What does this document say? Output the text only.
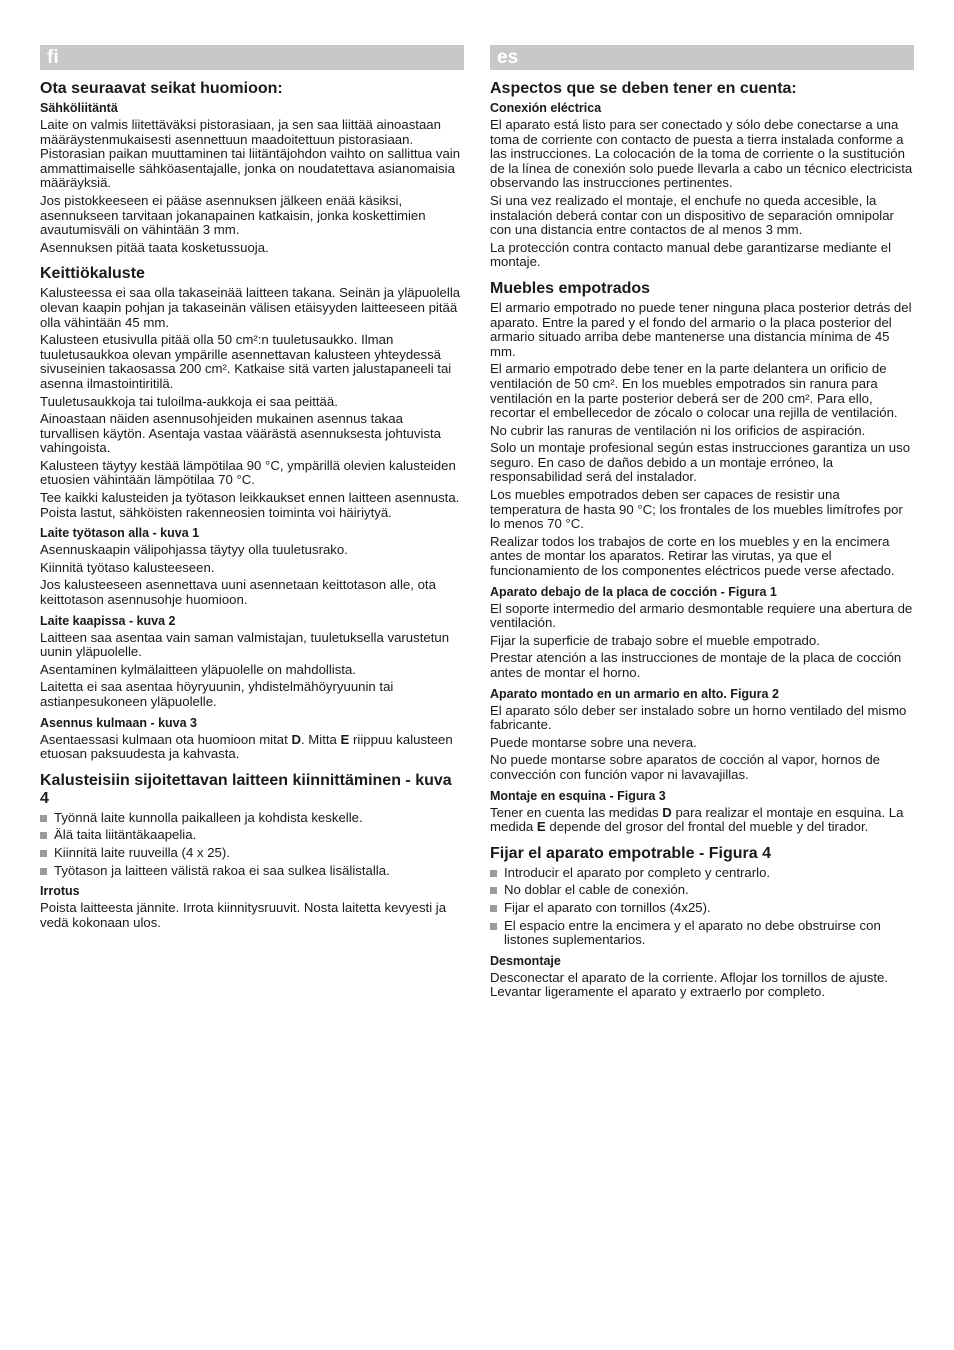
fi
Ota seuraavat seikat huomioon:
Sähköliitäntä

Laite on valmis liitettäväksi pistorasiaan, ja sen saa liittää ainoastaan määräystenmukaisesti asennettuun maadoitettuun pistorasiaan. Pistorasian paikan muuttaminen tai liitäntäjohdon vaihto on sallittua vain ammattimaiselle sähköasentajalle, jonka on noudatettava asianomaisia määräyksiä.

Jos pistokkeeseen ei pääse asennuksen jälkeen enää käsiksi, asennukseen tarvitaan jokanapainen katkaisin, jonka koskettimien avautumisväli on vähintään 3 mm.

Asennuksen pitää taata kosketussuoja.

Keittiökaluste

Kalusteessa ei saa olla takaseinää laitteen takana. Seinän ja yläpuolella olevan kaapin pohjan ja takaseinän välisen etäisyyden laitteeseen pitää olla vähintään 45 mm.

Kalusteen etusivulla pitää olla 50 cm²:n tuuletusaukko. Ilman tuuletusaukkoa olevan ympärille asennettavan kalusteen yhteydessä sivuseinien takaosassa 200 cm². Katkaise sitä varten jalustapaneeli tai asenna ilmastointiritilä.

Tuuletusaukkoja tai tuloilma-aukkoja ei saa peittää.

Ainoastaan näiden asennusohjeiden mukainen asennus takaa turvallisen käytön. Asentaja vastaa väärästä asennuksesta johtuvista vahingoista.

Kalusteen täytyy kestää lämpötilaa 90 °C, ympärillä olevien kalusteiden etuosien vähintään lämpötilaa 70 °C.

Tee kaikki kalusteiden ja työtason leikkaukset ennen laitteen asennusta. Poista lastut, sähköisten rakenneosien toiminta voi häiriytyä.

Laite työtason alla - kuva 1

Asennuskaapin välipohjassa täytyy olla tuuletusrako.

Kiinnitä työtaso kalusteeseen.

Jos kalusteeseen asennettava uuni asennetaan keittotason alle, ota keittotason asennusohje huomioon.

Laite kaapissa - kuva 2

Laitteen saa asentaa vain saman valmistajan, tuuletuksella varustetun uunin yläpuolelle.

Asentaminen kylmälaitteen yläpuolelle on mahdollista.

Laitetta ei saa asentaa höyryuunin, yhdistelmähöyryuunin tai astianpesukoneen yläpuolelle.

Asennus kulmaan - kuva 3

Asentaessasi kulmaan ota huomioon mitat D. Mitta E riippuu kalusteen etuosan paksuudesta ja kahvasta.

Kalusteisiin sijoitettavan laitteen kiinnittäminen - kuva 4
Työnnä laite kunnolla paikalleen ja kohdista keskelle.
Älä taita liitäntäkaapelia.
Kiinnitä laite ruuveilla (4 x 25).
Työtason ja laitteen välistä rakoa ei saa sulkea lisälistalla.
Irrotus

Poista laitteesta jännite. Irrota kiinnitysruuvit. Nosta laitetta kevyesti ja vedä kokonaan ulos.

es
Aspectos que se deben tener en cuenta:
Conexión eléctrica

El aparato está listo para ser conectado y sólo debe conectarse a una toma de corriente con contacto de puesta a tierra instalada conforme a las instrucciones. La colocación de la toma de corriente o la sustitución de la línea de conexión solo puede llevarla a cabo un técnico electricista observando las instrucciones pertinentes.

Si una vez realizado el montaje, el enchufe no queda accesible, la instalación deberá contar con un dispositivo de separación omnipolar con una distancia entre contactos de al menos 3 mm.

La protección contra contacto manual debe garantizarse mediante el montaje.

Muebles empotrados

El armario empotrado no puede tener ninguna placa posterior detrás del aparato. Entre la pared y el fondo del armario o la placa posterior del armario situado arriba debe mantenerse una distancia mínima de 45 mm.

El armario empotrado debe tener en la parte delantera un orificio de ventilación de 50 cm². En los muebles empotrados sin ranura para ventilación en la parte posterior deberá ser de 200 cm². Para ello, recortar el embellecedor de zócalo o colocar una rejilla de ventilación.

No cubrir las ranuras de ventilación ni los orificios de aspiración.

Solo un montaje profesional según estas instrucciones garantiza un uso seguro. En caso de daños debido a un montaje erróneo, la responsabilidad será del instalador.

Los muebles empotrados deben ser capaces de resistir una temperatura de hasta 90 °C; los frontales de los muebles limítrofes por lo menos 70 °C.

Realizar todos los trabajos de corte en los muebles y en la encimera antes de montar los aparatos. Retirar las virutas, ya que el funcionamiento de los componentes eléctricos puede verse afectado.

Aparato debajo de la placa de cocción - Figura 1

El soporte intermedio del armario desmontable requiere una abertura de ventilación.

Fijar la superficie de trabajo sobre el mueble empotrado.

Prestar atención a las instrucciones de montaje de la placa de cocción antes de montar el horno.

Aparato montado en un armario en alto. Figura 2

El aparato sólo deber ser instalado sobre un horno ventilado del mismo fabricante.

Puede montarse sobre una nevera.

No puede montarse sobre aparatos de cocción al vapor, hornos de convección con función vapor ni lavavajillas.

Montaje en esquina - Figura 3

Tener en cuenta las medidas D para realizar el montaje en esquina. La medida E depende del grosor del frontal del mueble y del tirador.

Fijar el aparato empotrable - Figura 4
Introducir el aparato por completo y centrarlo.
No doblar el cable de conexión.
Fijar el aparato con tornillos (4x25).
El espacio entre la encimera y el aparato no debe obstruirse con listones suplementarios.
Desmontaje

Desconectar el aparato de la corriente. Aflojar los tornillos de ajuste. Levantar ligeramente el aparato y extraerlo por completo.
